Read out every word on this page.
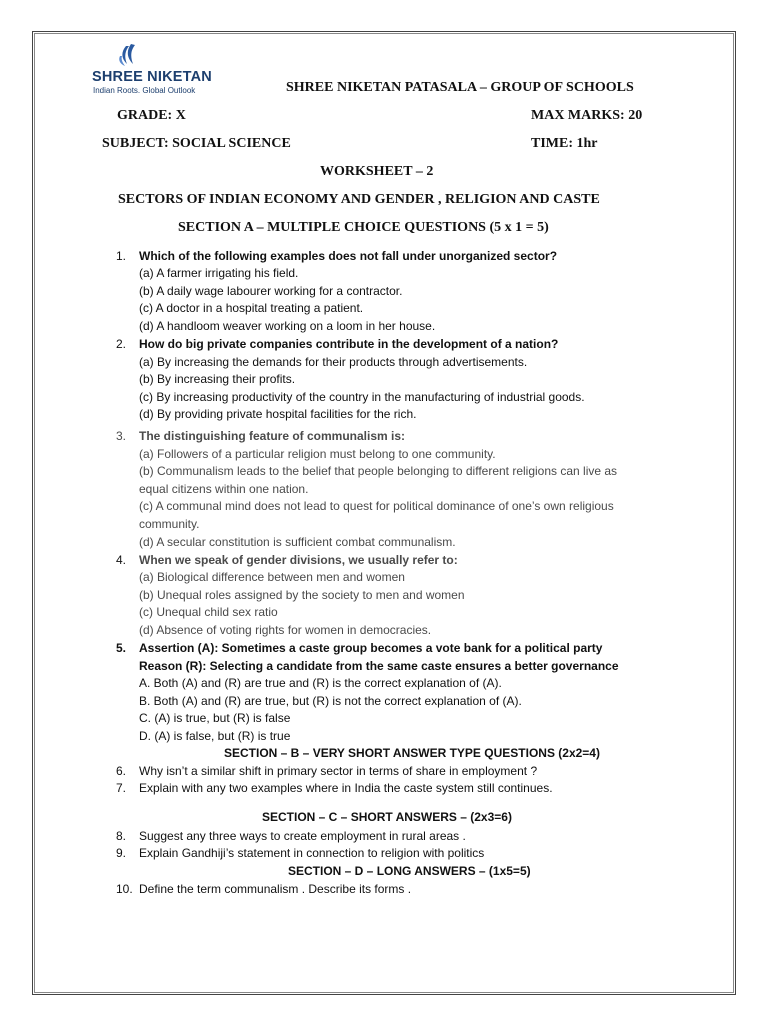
SHREE NIKETAN
Indian Roots. Global Outlook	SHREE NIKETAN PATASALA – GROUP OF SCHOOLS
GRADE: X	MAX MARKS: 20
SUBJECT: SOCIAL SCIENCE	TIME: 1hr
WORKSHEET – 2
SECTORS OF INDIAN ECONOMY AND GENDER , RELIGION AND CASTE
SECTION A – MULTIPLE CHOICE QUESTIONS (5 x 1 = 5)
1. Which of the following examples does not fall under unorganized sector?
(a) A farmer irrigating his field.
(b) A daily wage labourer working for a contractor.
(c) A doctor in a hospital treating a patient.
(d) A handloom weaver working on a loom in her house.
2. How do big private companies contribute in the development of a nation?
(a) By increasing the demands for their products through advertisements.
(b) By increasing their profits.
(c) By increasing productivity of the country in the manufacturing of industrial goods.
(d) By providing private hospital facilities for the rich.
3. The distinguishing feature of communalism is:
(a) Followers of a particular religion must belong to one community.
(b) Communalism leads to the belief that people belonging to different religions can live as
equal citizens within one nation.
(c) A communal mind does not lead to quest for political dominance of one’s own religious
community.
(d) A secular constitution is sufficient combat communalism.
4. When we speak of gender divisions, we usually refer to:
(a) Biological difference between men and women
(b) Unequal roles assigned by the society to men and women
(c) Unequal child sex ratio
(d) Absence of voting rights for women in democracies.
5. Assertion (A): Sometimes a caste group becomes a vote bank for a political party
Reason (R): Selecting a candidate from the same caste ensures a better governance
A. Both (A) and (R) are true and (R) is the correct explanation of (A).
B. Both (A) and (R) are true, but (R) is not the correct explanation of (A).
C. (A) is true, but (R) is false
D. (A) is false, but (R) is true
SECTION – B – VERY SHORT ANSWER TYPE QUESTIONS (2x2=4)
6. Why isn’t a similar shift in primary sector in terms of share in employment ?
7. Explain with any two examples where in India the caste system still continues.
SECTION – C – SHORT ANSWERS – (2x3=6)
8. Suggest any three ways to create employment in rural areas .
9. Explain Gandhiji’s statement in connection to religion with politics
SECTION – D – LONG ANSWERS – (1x5=5)
10. Define the term communalism . Describe its forms .
